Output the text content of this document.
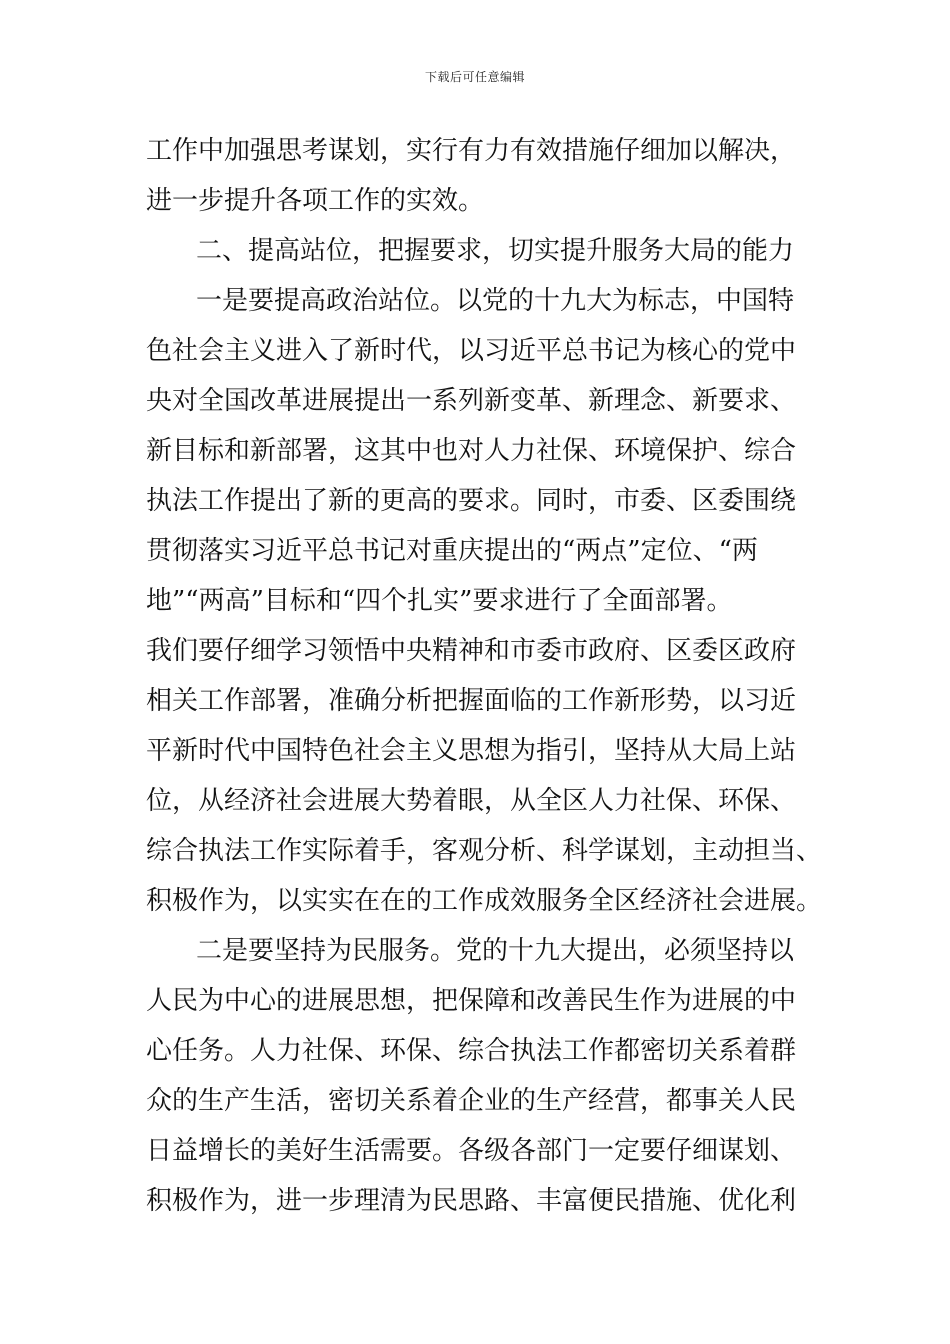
下载后可任意编辑
工作中加强思考谋划，实行有力有效措施仔细加以解决，
进一步提升各项工作的实效。
二、提高站位，把握要求，切实提升服务大局的能力
一是要提高政治站位。以党的十九大为标志，中国特
色社会主义进入了新时代，以习近平总书记为核心的党中
央对全国改革进展提出一系列新变革、新理念、新要求、
新目标和新部署，这其中也对人力社保、环境保护、综合
执法工作提出了新的更高的要求。同时，市委、区委围绕
贯彻落实习近平总书记对重庆提出的“两点”定位、“两
地”“两高”目标和“四个扎实”要求进行了全面部署。
我们要仔细学习领悟中央精神和市委市政府、区委区政府
相关工作部署，准确分析把握面临的工作新形势，以习近
平新时代中国特色社会主义思想为指引，坚持从大局上站
位，从经济社会进展大势着眼，从全区人力社保、环保、
综合执法工作实际着手，客观分析、科学谋划，主动担当、
积极作为，以实实在在的工作成效服务全区经济社会进展。
二是要坚持为民服务。党的十九大提出，必须坚持以
人民为中心的进展思想，把保障和改善民生作为进展的中
心任务。人力社保、环保、综合执法工作都密切关系着群
众的生产生活，密切关系着企业的生产经营，都事关人民
日益增长的美好生活需要。各级各部门一定要仔细谋划、
积极作为，进一步理清为民思路、丰富便民措施、优化利
